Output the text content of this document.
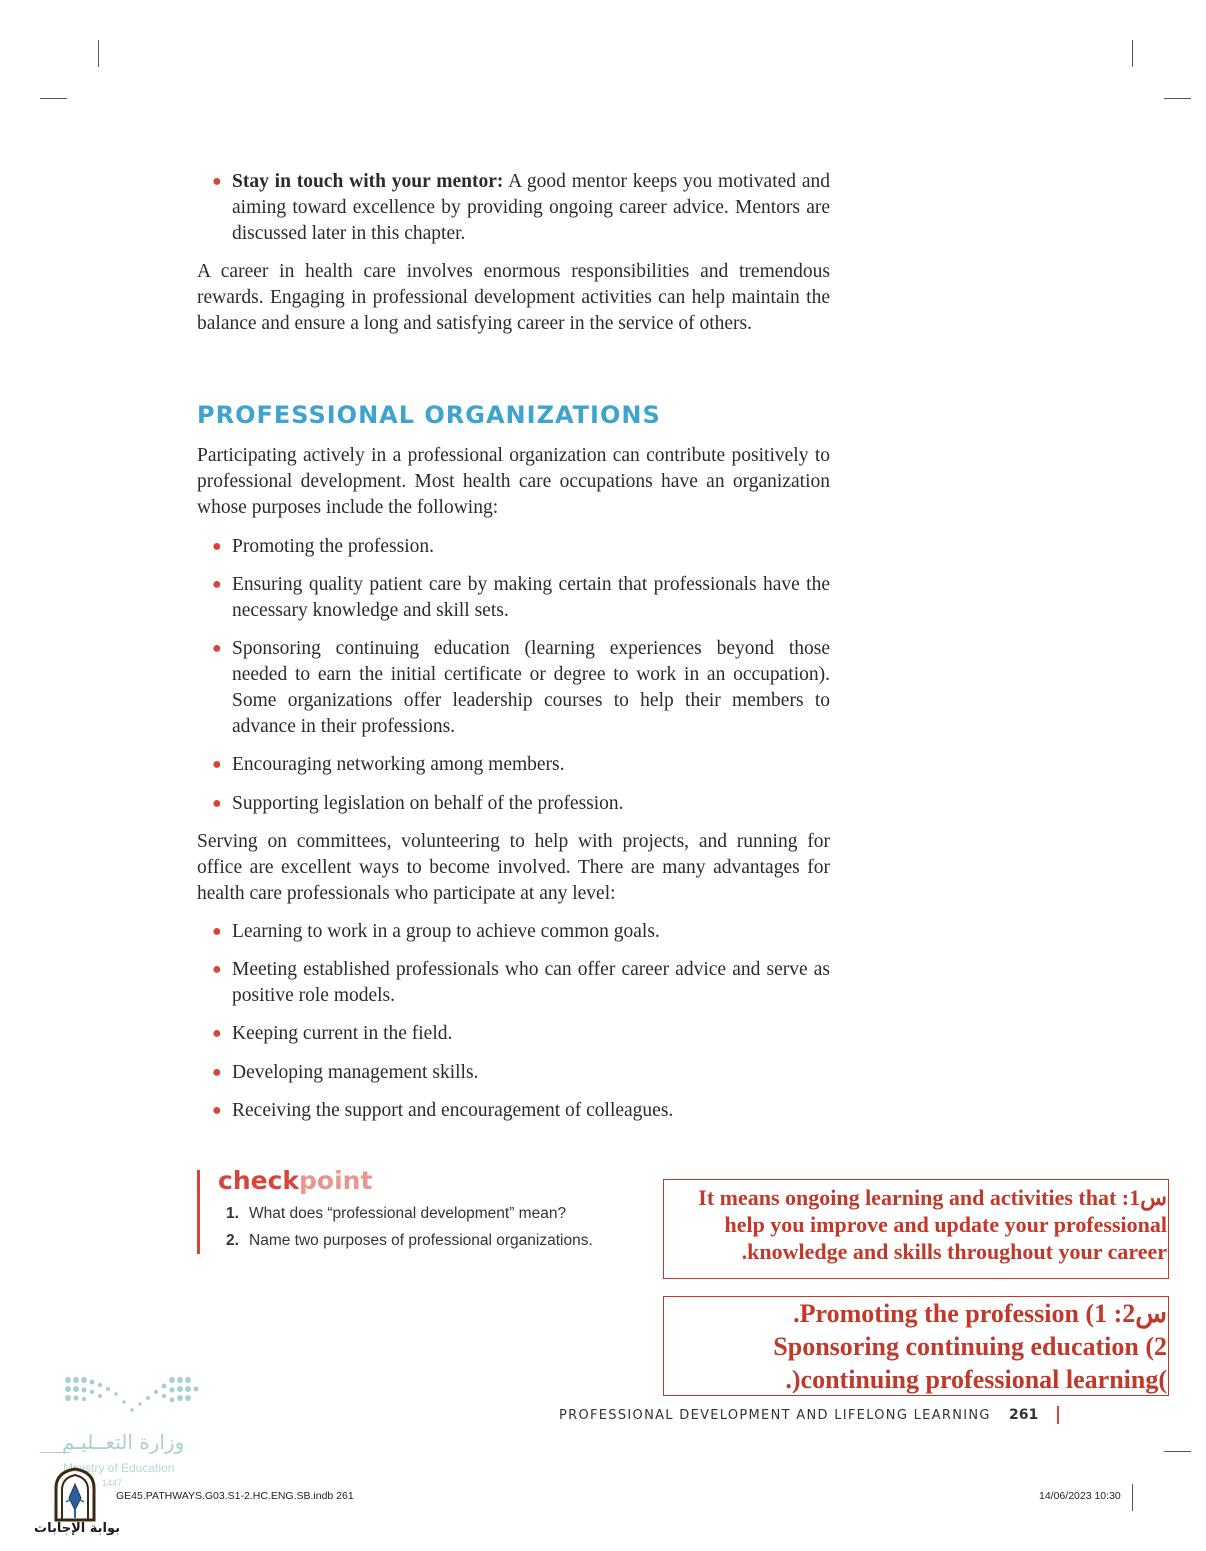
● Stay in touch with your mentor: A good mentor keeps you motivated and aiming toward excellence by providing ongoing career advice. Mentors are discussed later in this chapter.
A career in health care involves enormous responsibilities and tremendous rewards. Engaging in professional development activities can help maintain the balance and ensure a long and satisfying career in the service of others.
PROFESSIONAL ORGANIZATIONS
Participating actively in a professional organization can contribute positively to professional development. Most health care occupations have an organization whose purposes include the following:
● Promoting the profession.
● Ensuring quality patient care by making certain that professionals have the necessary knowledge and skill sets.
● Sponsoring continuing education (learning experiences beyond those needed to earn the initial certificate or degree to work in an occupation). Some organizations offer leadership courses to help their members to advance in their professions.
● Encouraging networking among members.
● Supporting legislation on behalf of the profession.
Serving on committees, volunteering to help with projects, and running for office are excellent ways to become involved. There are many advantages for health care professionals who participate at any level:
● Learning to work in a group to achieve common goals.
● Meeting established professionals who can offer career advice and serve as positive role models.
● Keeping current in the field.
● Developing management skills.
● Receiving the support and encouragement of colleagues.
checkpoint
1. What does “professional development” mean?
2. Name two purposes of professional organizations.
It means ongoing learning and activities that :1س
help you improve and update your professional
.knowledge and skills throughout your career
.Promoting the profession (1 :2س
Sponsoring continuing education (2
.)continuing professional learning(
PROFESSIONAL DEVELOPMENT AND LIFELONG LEARNING 261
GE45.PATHWAYS.G03.S1-2.HC.ENG.SB.indb 261	14/06/2023 10:30
وزارة التعــليـم
Ministry of Education
1447
بوابة الإجابات
